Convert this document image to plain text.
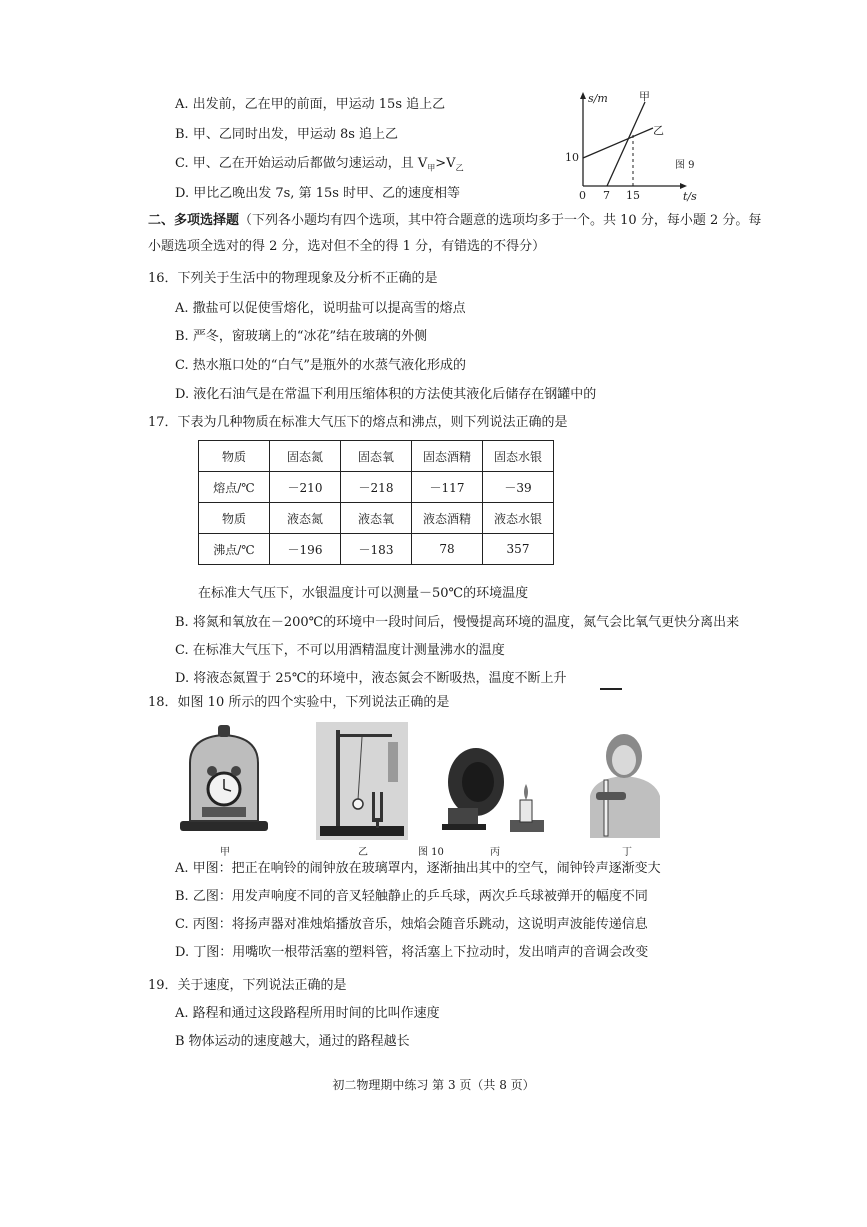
A. 出发前，乙在甲的前面，甲运动 15s 追上乙
B. 甲、乙同时出发，甲运动 8s 追上乙
C. 甲、乙在开始运动后都做匀速运动，且 $V_甲>V_乙$
D. 甲比乙晚出发 7s, 第 15s 时甲、乙的速度相等
s/m
t/s
甲
乙
10
0 7 15
图 9
二、多项选择题（下列各小题均有四个选项，其中符合题意的选项均多于一个。共 10 分，每小题 2 分。每
小题选项全选对的得 2 分，选对但不全的得 1 分，有错选的不得分）
16．下列关于生活中的物理现象及分析不正确的是
A. 撒盐可以促使雪熔化，说明盐可以提高雪的熔点
B. 严冬，窗玻璃上的“冰花”结在玻璃的外侧
C. 热水瓶口处的“白气”是瓶外的水蒸气液化形成的
D. 液化石油气是在常温下利用压缩体积的方法使其液化后储存在钢罐中的
17．下表为几种物质在标准大气压下的熔点和沸点，则下列说法正确的是
物质	固态氮	固态氧	固态酒精	固态水银
熔点/℃	－210	－218	－117	－39
物质	液态氮	液态氧	液态酒精	液态水银
沸点/℃	－196	－183	78	357
在标准大气压下，水银温度计可以测量－50℃的环境温度
B. 将氮和氧放在－200℃的环境中一段时间后，慢慢提高环境的温度，氮气会比氧气更快分离出来
C. 在标准大气压下，不可以用酒精温度计测量沸水的温度
D. 将液态氮置于 25℃的环境中，液态氮会不断吸热，温度不断上升
18．如图 10 所示的四个实验中，下列说法正确的是
甲	乙	图 10	丙	丁
A. 甲图：把正在响铃的闹钟放在玻璃罩内，逐渐抽出其中的空气，闹钟铃声逐渐变大
B. 乙图：用发声响度不同的音叉轻触静止的乒乓球，两次乒乓球被弹开的幅度不同
C. 丙图：将扬声器对准烛焰播放音乐，烛焰会随音乐跳动，这说明声波能传递信息
D. 丁图：用嘴吹一根带活塞的塑料管，将活塞上下拉动时，发出哨声的音调会改变
19．关于速度，下列说法正确的是
A. 路程和通过这段路程所用时间的比叫作速度
B 物体运动的速度越大，通过的路程越长
初二物理期中练习 第 3 页（共 8 页）
